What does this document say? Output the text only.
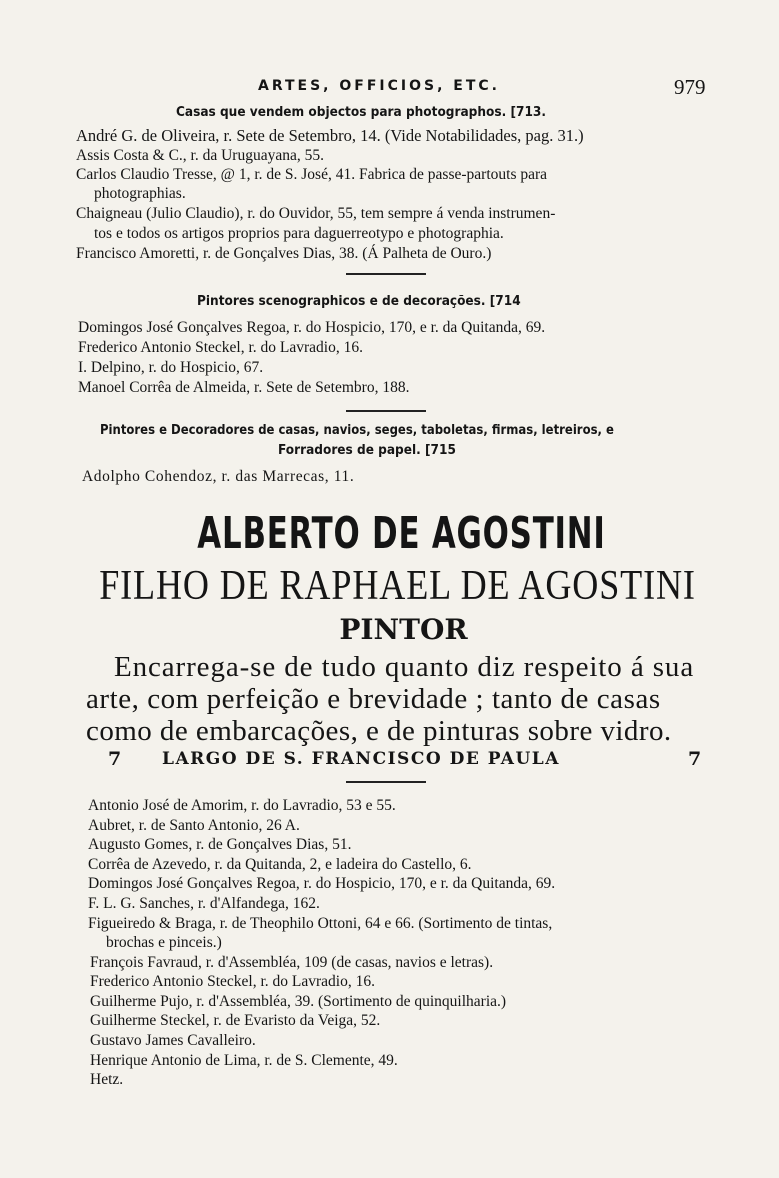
ARTES, OFFICIOS, ETC.	979
Casas que vendem objectos para photographos. [713.
André G. de Oliveira, r. Sete de Setembro, 14. (Vide Notabilidades, pag. 31.)
Assis Costa & C., r. da Uruguayana, 55.
Carlos Claudio Tresse, @ 1, r. de S. José, 41. Fabrica de passe-partouts para
photographias.
Chaigneau (Julio Claudio), r. do Ouvidor, 55, tem sempre á venda instrumen-
tos e todos os artigos proprios para daguerreotypo e photographia.
Francisco Amoretti, r. de Gonçalves Dias, 38. (Á Palheta de Ouro.)
Pintores scenographicos e de decorações. [714
Domingos José Gonçalves Regoa, r. do Hospicio, 170, e r. da Quitanda, 69.
Frederico Antonio Steckel, r. do Lavradio, 16.
I. Delpino, r. do Hospicio, 67.
Manoel Corrêa de Almeida, r. Sete de Setembro, 188.
Pintores e Decoradores de casas, navios, seges, taboletas, firmas, letreiros, e
Forradores de papel. [715
Adolpho Cohendoz, r. das Marrecas, 11.
ALBERTO DE AGOSTINI
FILHO DE RAPHAEL DE AGOSTINI
PINTOR
Encarrega-se de tudo quanto diz respeito á sua
arte, com perfeição e brevidade ; tanto de casas
como de embarcações, e de pinturas sobre vidro.
7 LARGO DE S. FRANCISCO DE PAULA	7
Antonio José de Amorim, r. do Lavradio, 53 e 55.
Aubret, r. de Santo Antonio, 26 A.
Augusto Gomes, r. de Gonçalves Dias, 51.
Corrêa de Azevedo, r. da Quitanda, 2, e ladeira do Castello, 6.
Domingos José Gonçalves Regoa, r. do Hospicio, 170, e r. da Quitanda, 69.
F. L. G. Sanches, r. d'Alfandega, 162.
Figueiredo & Braga, r. de Theophilo Ottoni, 64 e 66. (Sortimento de tintas,
brochas e pinceis.)
François Favraud, r. d'Assembléa, 109 (de casas, navios e letras).
Frederico Antonio Steckel, r. do Lavradio, 16.
Guilherme Pujo, r. d'Assembléa, 39. (Sortimento de quinquilharia.)
Guilherme Steckel, r. de Evaristo da Veiga, 52.
Gustavo James Cavalleiro.
Henrique Antonio de Lima, r. de S. Clemente, 49.
Hetz.
